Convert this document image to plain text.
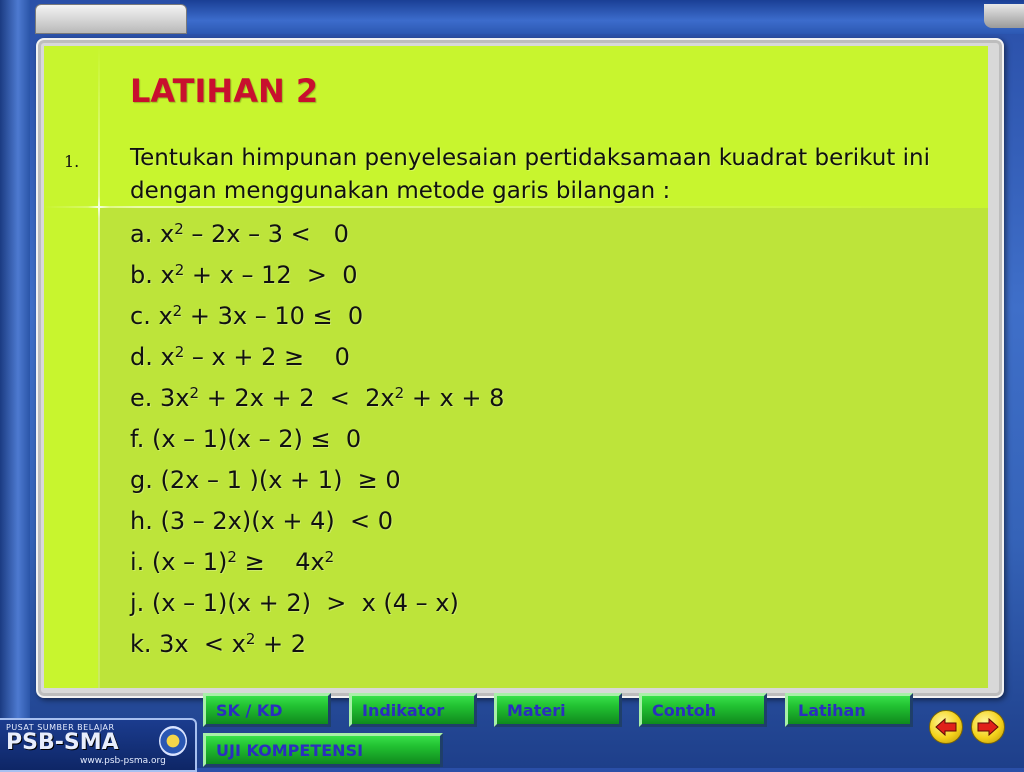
LATIHAN 2
1. Tentukan himpunan penyelesaian pertidaksamaan kuadrat berikut ini dengan menggunakan metode garis bilangan :

a. $x^2 - 2x - 3 < 0$
b. $x^2 + x - 12 > 0$
c. $x^2 + 3x - 10 \le 0$
d. $x^2 - x + 2$ ≥    0
e. $3x^2 + 2x + 2 < 2x^2 + x + 8$
f. (x – 1)(x – 2) ≤  0
g. (2x – 1 )(x + 1)  ≥ 0
h. (3 – 2x)(x + 4)  < 0
i. (x – 1)$^2$ ≥    $4x^2$
j. (x – 1)(x + 2)  >  x (4 – x)
k. $3x < x^2 + 2$
PUSAT SUMBER BELAJAR
PSB-SMA
www.psb-psma.org
SK / KD	Indikator	Materi	Contoh	Latihan
UJI KOMPETENSI
